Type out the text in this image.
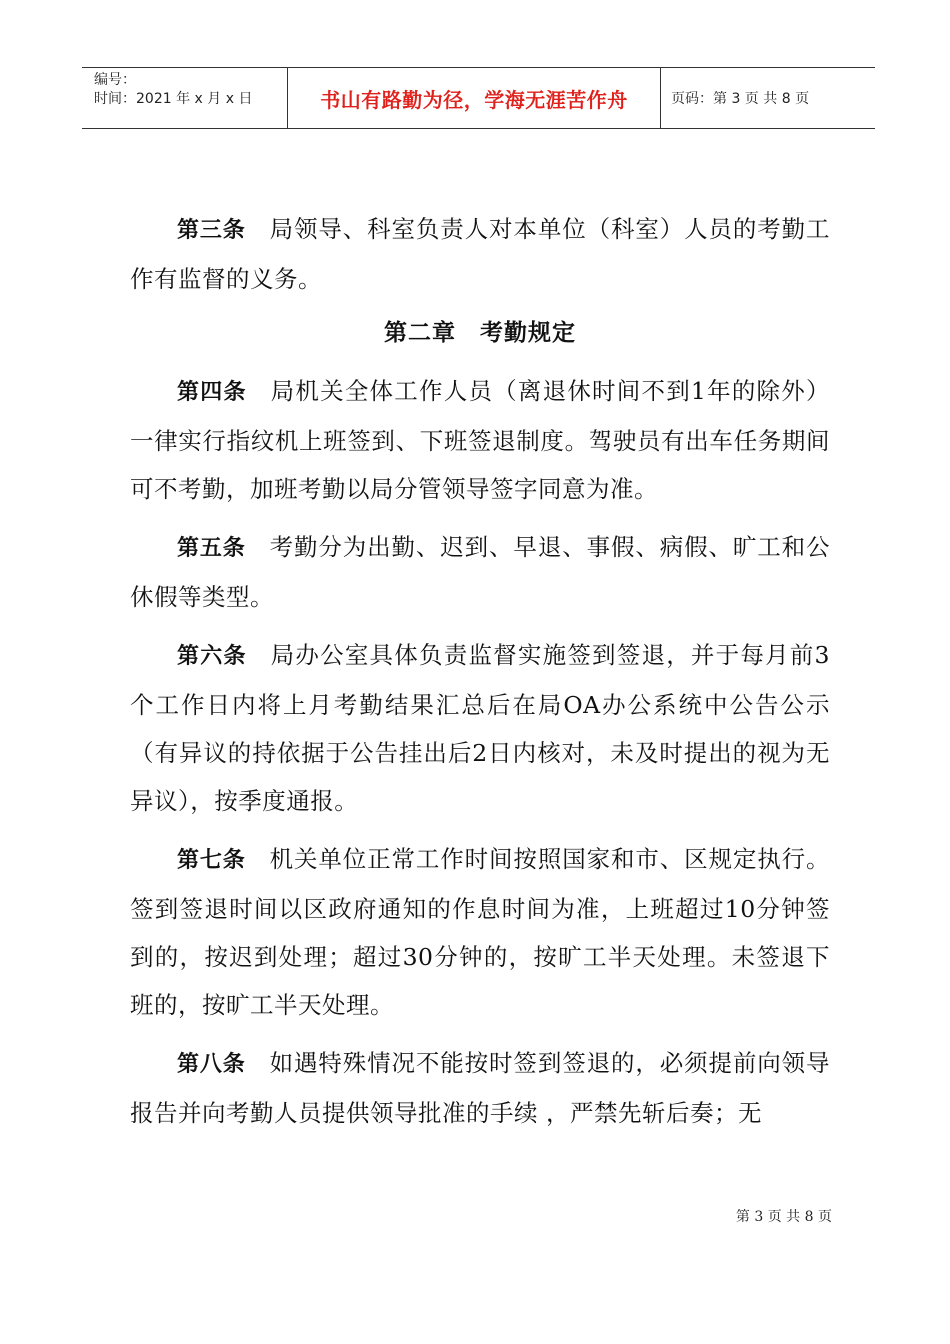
编号：
时间：2021 年 x 月 x 日	书山有路勤为径，学海无涯苦作舟	页码：第 3 页 共 8 页

第三条 局领导、科室负责人对本单位（科室）人员的考勤工作有监督的义务。

第二章　考勤规定

第四条 局机关全体工作人员（离退休时间不到1年的除外）一律实行指纹机上班签到、下班签退制度。驾驶员有出车任务期间可不考勤，加班考勤以局分管领导签字同意为准。

第五条 考勤分为出勤、迟到、早退、事假、病假、旷工和公休假等类型。

第六条 局办公室具体负责监督实施签到签退，并于每月前3个工作日内将上月考勤结果汇总后在局OA办公系统中公告公示（有异议的持依据于公告挂出后2日内核对，未及时提出的视为无异议），按季度通报。

第七条 机关单位正常工作时间按照国家和市、区规定执行。签到签退时间以区政府通知的作息时间为准，上班超过10分钟签到的，按迟到处理；超过30分钟的，按旷工半天处理。未签退下班的，按旷工半天处理。

第八条 如遇特殊情况不能按时签到签退的，必须提前向领导报告并向考勤人员提供领导批准的手续 ，严禁先斩后奏；无

第 3 页 共 8 页
